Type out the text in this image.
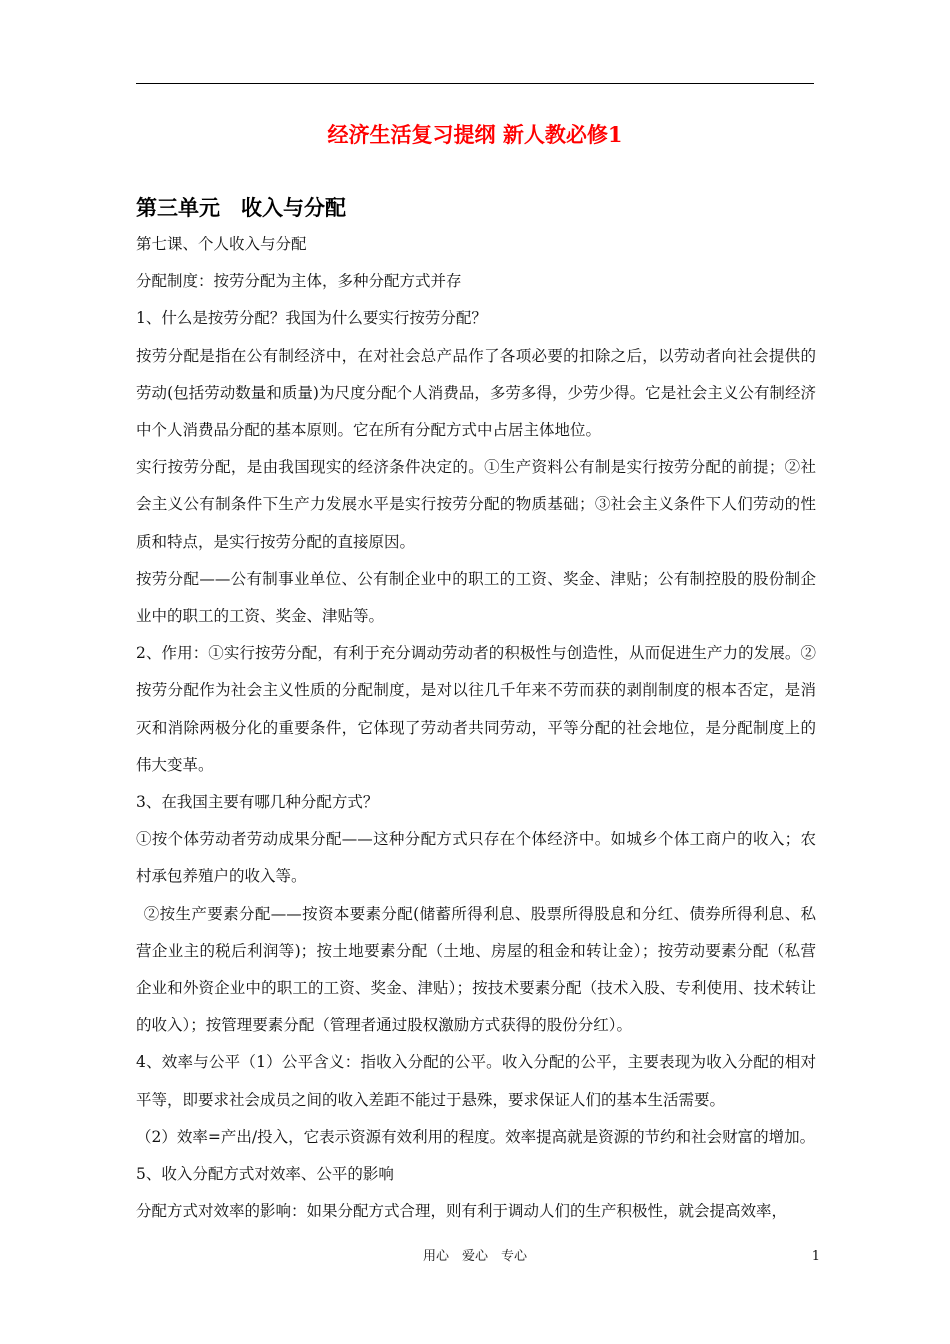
经济生活复习提纲 新人教必修1
第三单元　收入与分配

第七课、个人收入与分配

分配制度：按劳分配为主体，多种分配方式并存

1、什么是按劳分配？我国为什么要实行按劳分配？

按劳分配是指在公有制经济中，在对社会总产品作了各项必要的扣除之后，以劳动者向社会提供的劳动(包括劳动数量和质量)为尺度分配个人消费品，多劳多得，少劳少得。它是社会主义公有制经济中个人消费品分配的基本原则。它在所有分配方式中占居主体地位。

实行按劳分配，是由我国现实的经济条件决定的。①生产资料公有制是实行按劳分配的前提；②社会主义公有制条件下生产力发展水平是实行按劳分配的物质基础；③社会主义条件下人们劳动的性质和特点，是实行按劳分配的直接原因。

按劳分配——公有制事业单位、公有制企业中的职工的工资、奖金、津贴；公有制控股的股份制企业中的职工的工资、奖金、津贴等。

2、作用：①实行按劳分配，有利于充分调动劳动者的积极性与创造性，从而促进生产力的发展。②按劳分配作为社会主义性质的分配制度，是对以往几千年来不劳而获的剥削制度的根本否定，是消灭和消除两极分化的重要条件，它体现了劳动者共同劳动，平等分配的社会地位，是分配制度上的伟大变革。

3、在我国主要有哪几种分配方式？

①按个体劳动者劳动成果分配——这种分配方式只存在个体经济中。如城乡个体工商户的收入；农村承包养殖户的收入等。

②按生产要素分配——按资本要素分配(储蓄所得利息、股票所得股息和分红、债券所得利息、私营企业主的税后利润等)；按土地要素分配（土地、房屋的租金和转让金）；按劳动要素分配（私营企业和外资企业中的职工的工资、奖金、津贴）；按技术要素分配（技术入股、专利使用、技术转让的收入）；按管理要素分配（管理者通过股权激励方式获得的股份分红）。

4、效率与公平（1）公平含义：指收入分配的公平。收入分配的公平，主要表现为收入分配的相对平等，即要求社会成员之间的收入差距不能过于悬殊，要求保证人们的基本生活需要。

（2）效率=产出/投入，它表示资源有效利用的程度。效率提高就是资源的节约和社会财富的增加。

5、收入分配方式对效率、公平的影响

分配方式对效率的影响：如果分配方式合理，则有利于调动人们的生产积极性，就会提高效率，

用心　爱心　专心	1
